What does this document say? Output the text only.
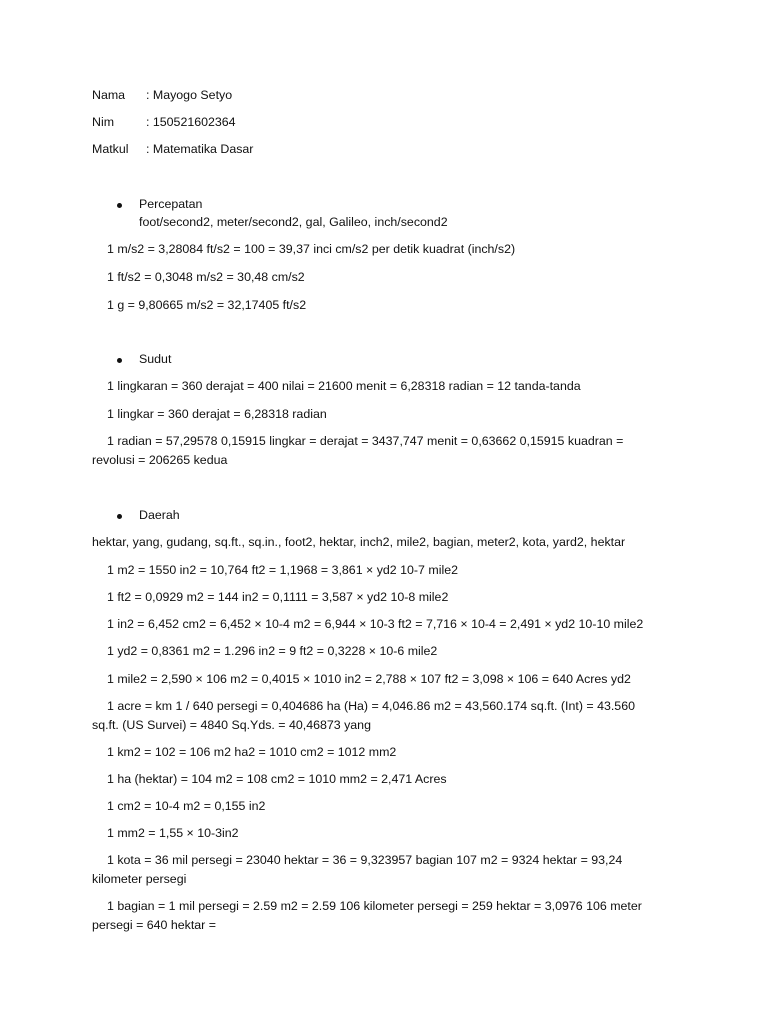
Nama : Mayogo Setyo
Nim	: 150521602364
Matkul : Matematika Dasar
Percepatan
foot/second2, meter/second2, gal, Galileo, inch/second2
1 m/s2 = 3,28084 ft/s2 = 100 = 39,37 inci cm/s2 per detik kuadrat (inch/s2)
1 ft/s2 = 0,3048 m/s2 = 30,48 cm/s2
1 g = 9,80665 m/s2 = 32,17405 ft/s2
Sudut
1 lingkaran = 360 derajat = 400 nilai = 21600 menit = 6,28318 radian = 12 tanda-tanda
1 lingkar = 360 derajat = 6,28318 radian
1 radian = 57,29578 0,15915 lingkar = derajat = 3437,747 menit = 0,63662 0,15915 kuadran =
revolusi = 206265 kedua
Daerah
hektar, yang, gudang, sq.ft., sq.in., foot2, hektar, inch2, mile2, bagian, meter2, kota, yard2, hektar
1 m2 = 1550 in2 = 10,764 ft2 = 1,1968 = 3,861 × yd2 10-7 mile2
1 ft2 = 0,0929 m2 = 144 in2 = 0,1111 = 3,587 × yd2 10-8 mile2
1 in2 = 6,452 cm2 = 6,452 × 10-4 m2 = 6,944 × 10-3 ft2 = 7,716 × 10-4 = 2,491 × yd2 10-10 mile2
1 yd2 = 0,8361 m2 = 1.296 in2 = 9 ft2 = 0,3228 × 10-6 mile2
1 mile2 = 2,590 × 106 m2 = 0,4015 × 1010 in2 = 2,788 × 107 ft2 = 3,098 × 106 = 640 Acres yd2
1 acre = km 1 / 640 persegi = 0,404686 ha (Ha) = 4,046.86 m2 = 43,560.174 sq.ft. (Int) = 43.560
sq.ft. (US Survei) = 4840 Sq.Yds. = 40,46873 yang
1 km2 = 102 = 106 m2 ha2 = 1010 cm2 = 1012 mm2
1 ha (hektar) = 104 m2 = 108 cm2 = 1010 mm2 = 2,471 Acres
1 cm2 = 10-4 m2 = 0,155 in2
1 mm2 = 1,55 × 10-3in2
1 kota = 36 mil persegi = 23040 hektar = 36 = 9,323957 bagian 107 m2 = 9324 hektar = 93,24
kilometer persegi
1 bagian = 1 mil persegi = 2.59 m2 = 2.59 106 kilometer persegi = 259 hektar = 3,0976 106 meter
persegi = 640 hektar =
